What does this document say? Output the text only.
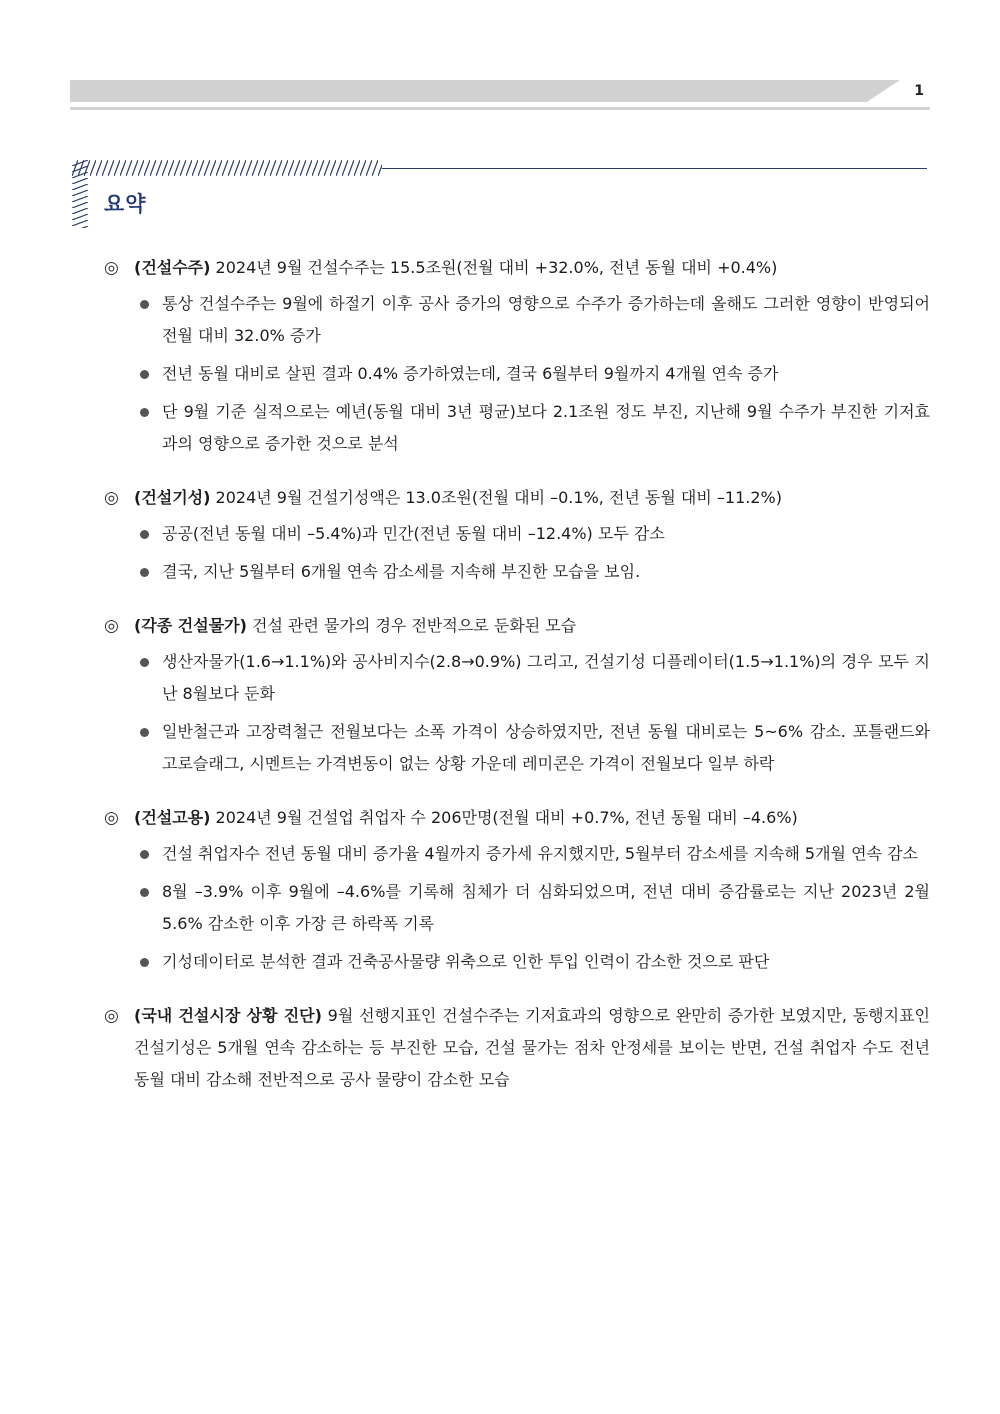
1
요약
◎ (건설수주) 2024년 9월 건설수주는 15.5조원(전월 대비 +32.0%, 전년 동월 대비 +0.4%)
통상 건설수주는 9월에 하절기 이후 공사 증가의 영향으로 수주가 증가하는데 올해도 그러한 영향이 반영되어 전월 대비 32.0% 증가
전년 동월 대비로 살핀 결과 0.4% 증가하였는데, 결국 6월부터 9월까지 4개월 연속 증가
단 9월 기준 실적으로는 예년(동월 대비 3년 평균)보다 2.1조원 정도 부진, 지난해 9월 수주가 부진한 기저효과의 영향으로 증가한 것으로 분석
◎ (건설기성) 2024년 9월 건설기성액은 13.0조원(전월 대비 –0.1%, 전년 동월 대비 –11.2%)
공공(전년 동월 대비 –5.4%)과 민간(전년 동월 대비 –12.4%) 모두 감소
결국, 지난 5월부터 6개월 연속 감소세를 지속해 부진한 모습을 보임.
◎ (각종 건설물가) 건설 관련 물가의 경우 전반적으로 둔화된 모습
생산자물가(1.6→1.1%)와 공사비지수(2.8→0.9%) 그리고, 건설기성 디플레이터(1.5→1.1%)의 경우 모두 지난 8월보다 둔화
일반철근과 고장력철근 전월보다는 소폭 가격이 상승하였지만, 전년 동월 대비로는 5~6% 감소. 포틀랜드와 고로슬래그, 시멘트는 가격변동이 없는 상황 가운데 레미콘은 가격이 전월보다 일부 하락
◎ (건설고용) 2024년 9월 건설업 취업자 수 206만명(전월 대비 +0.7%, 전년 동월 대비 –4.6%)
건설 취업자수 전년 동월 대비 증가율 4월까지 증가세 유지했지만, 5월부터 감소세를 지속해 5개월 연속 감소
8월 –3.9% 이후 9월에 –4.6%를 기록해 침체가 더 심화되었으며, 전년 대비 증감률로는 지난 2023년 2월 5.6% 감소한 이후 가장 큰 하락폭 기록
기성데이터로 분석한 결과 건축공사물량 위축으로 인한 투입 인력이 감소한 것으로 판단
◎ (국내 건설시장 상황 진단) 9월 선행지표인 건설수주는 기저효과의 영향으로 완만히 증가한 보였지만, 동행지표인 건설기성은 5개월 연속 감소하는 등 부진한 모습, 건설 물가는 점차 안정세를 보이는 반면, 건설 취업자 수도 전년 동월 대비 감소해 전반적으로 공사 물량이 감소한 모습
